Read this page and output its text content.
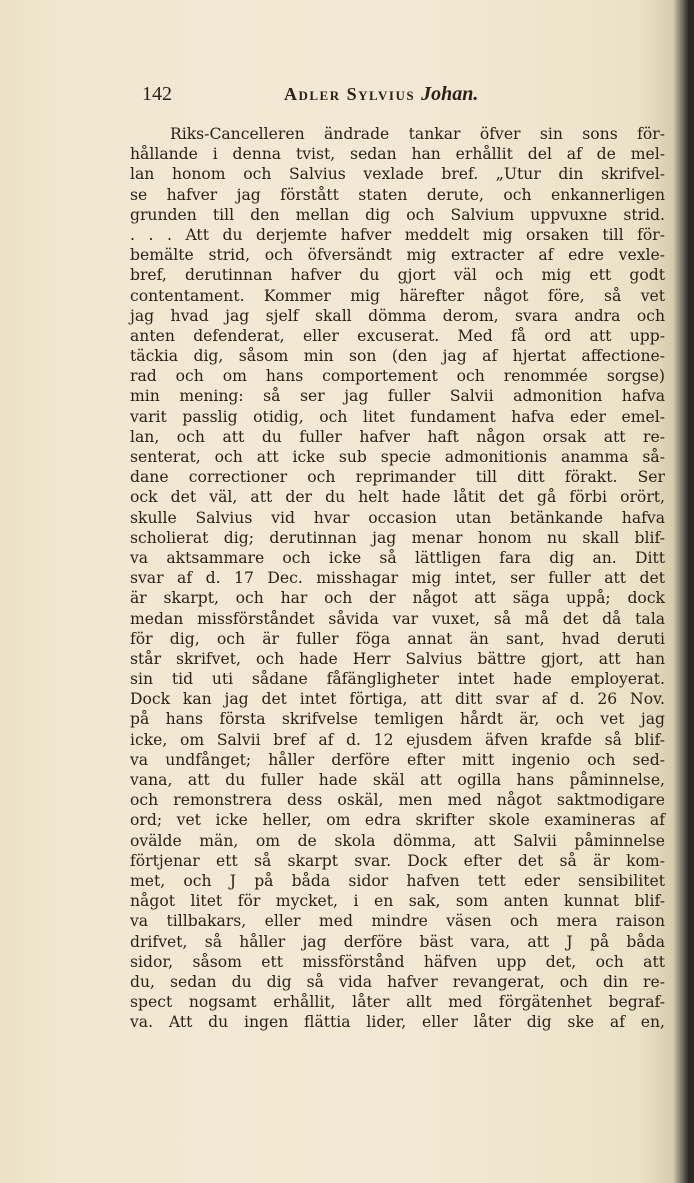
142	Adler Sylvius Johan.
Riks-Cancelleren ändrade tankar öfver sin sons för-
hållande i denna tvist, sedan han erhållit del af de mel-
lan honom och Salvius vexlade bref. „Utur din skrifvel-
se hafver jag förstått staten derute, och enkannerligen
grunden till den mellan dig och Salvium uppvuxne strid.
. . . Att du derjemte hafver meddelt mig orsaken till för-
bemälte strid, och öfversändt mig extracter af edre vexle-
bref, derutinnan hafver du gjort väl och mig ett godt
contentament. Kommer mig härefter något före, så vet
jag hvad jag sjelf skall dömma derom, svara andra och
anten defenderat, eller excuserat. Med få ord att upp-
täckia dig, såsom min son (den jag af hjertat affectione-
rad och om hans comportement och renommée sorgse)
min mening: så ser jag fuller Salvii admonition hafva
varit passlig otidig, och litet fundament hafva eder emel-
lan, och att du fuller hafver haft någon orsak att re-
senterat, och att icke sub specie admonitionis anamma så-
dane correctioner och reprimander till ditt förakt. Ser
ock det väl, att der du helt hade låtit det gå förbi orört,
skulle Salvius vid hvar occasion utan betänkande hafva
scholierat dig; derutinnan jag menar honom nu skall blif-
va aktsammare och icke så lättligen fara dig an. Ditt
svar af d. 17 Dec. misshagar mig intet, ser fuller att det
är skarpt, och har och der något att säga uppå; dock
medan missförståndet såvida var vuxet, så må det då tala
för dig, och är fuller föga annat än sant, hvad deruti
står skrifvet, och hade Herr Salvius bättre gjort, att han
sin tid uti sådane fåfängligheter intet hade employerat.
Dock kan jag det intet förtiga, att ditt svar af d. 26 Nov.
på hans första skrifvelse temligen hårdt är, och vet jag
icke, om Salvii bref af d. 12 ejusdem äfven krafde så blif-
va undfånget; håller derföre efter mitt ingenio och sed-
vana, att du fuller hade skäl att ogilla hans påminnelse,
och remonstrera dess oskäl, men med något saktmodigare
ord; vet icke heller, om edra skrifter skole examineras af
ovälde män, om de skola dömma, att Salvii påminnelse
förtjenar ett så skarpt svar. Dock efter det så är kom-
met, och J på båda sidor hafven tett eder sensibilitet
något litet för mycket, i en sak, som anten kunnat blif-
va tillbakars, eller med mindre väsen och mera raison
drifvet, så håller jag derföre bäst vara, att J på båda
sidor, såsom ett missförstånd häfven upp det, och att
du, sedan du dig så vida hafver revangerat, och din re-
spect nogsamt erhållit, låter allt med förgätenhet begraf-
va. Att du ingen flättia lider, eller låter dig ske af en,
